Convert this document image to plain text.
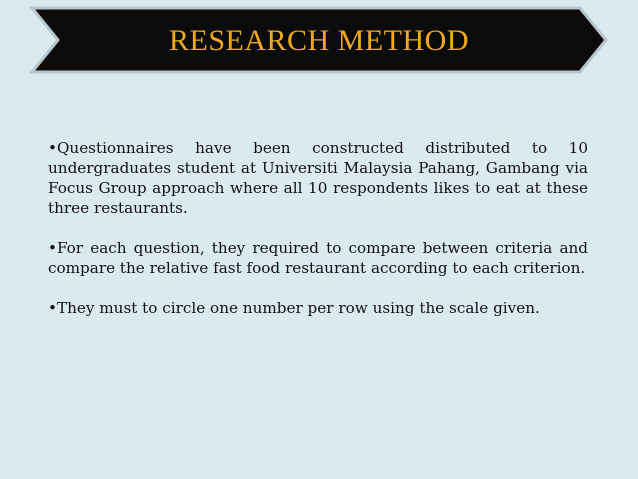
RESEARCH METHOD

•Questionnaires have been constructed distributed to 10 undergraduates student at Universiti Malaysia Pahang, Gambang via Focus Group approach where all 10 respondents likes to eat at these three restaurants.

•For each question, they required to compare between criteria and compare the relative fast food restaurant according to each criterion.

•They must to circle one number per row using the scale given.
